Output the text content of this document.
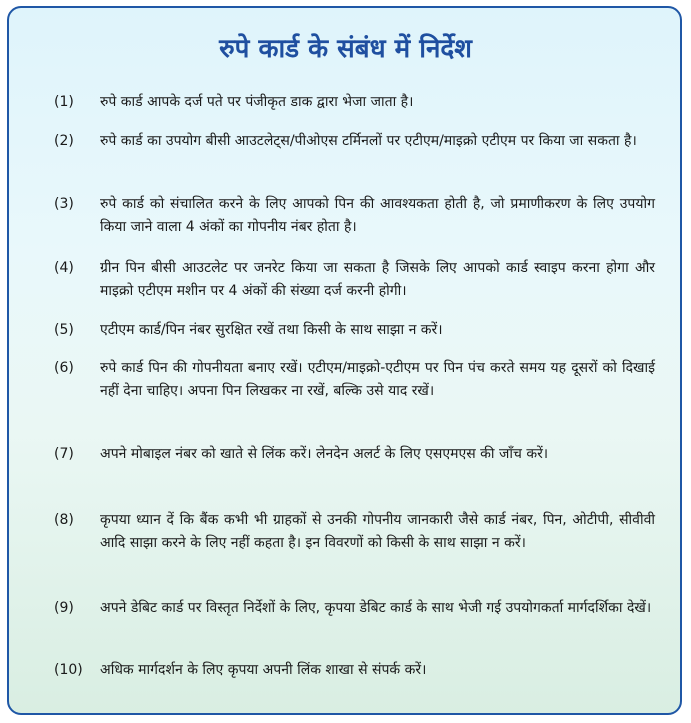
रुपे कार्ड के संबंध में निर्देश
(1)	रुपे कार्ड आपके दर्ज पते पर पंजीकृत डाक द्वारा भेजा जाता है।
(2)	रुपे कार्ड का उपयोग बीसी आउटलेट्स/पीओएस टर्मिनलों पर एटीएम/माइक्रो एटीएम पर किया जा सकता है।
(3)	रुपे कार्ड को संचालित करने के लिए आपको पिन की आवश्यकता होती है, जो प्रमाणीकरण के लिए उपयोग किया जाने वाला 4 अंकों का गोपनीय नंबर होता है।
(4)	ग्रीन पिन बीसी आउटलेट पर जनरेट किया जा सकता है जिसके लिए आपको कार्ड स्वाइप करना होगा और माइक्रो एटीएम मशीन पर 4 अंकों की संख्या दर्ज करनी होगी।
(5)	एटीएम कार्ड/पिन नंबर सुरक्षित रखें तथा किसी के साथ साझा न करें।
(6)	रुपे कार्ड पिन की गोपनीयता बनाए रखें। एटीएम/माइक्रो-एटीएम पर पिन पंच करते समय यह दूसरों को दिखाई नहीं देना चाहिए। अपना पिन लिखकर ना रखें, बल्कि उसे याद रखें।
(7)	अपने मोबाइल नंबर को खाते से लिंक करें। लेनदेन अलर्ट के लिए एसएमएस की जाँच करें।
(8)	कृपया ध्यान दें कि बैंक कभी भी ग्राहकों से उनकी गोपनीय जानकारी जैसे कार्ड नंबर, पिन, ओटीपी, सीवीवी आदि साझा करने के लिए नहीं कहता है। इन विवरणों को किसी के साथ साझा न करें।
(9)	अपने डेबिट कार्ड पर विस्तृत निर्देशों के लिए, कृपया डेबिट कार्ड के साथ भेजी गई उपयोगकर्ता मार्गदर्शिका देखें।
(10)	अधिक मार्गदर्शन के लिए कृपया अपनी लिंक शाखा से संपर्क करें।
